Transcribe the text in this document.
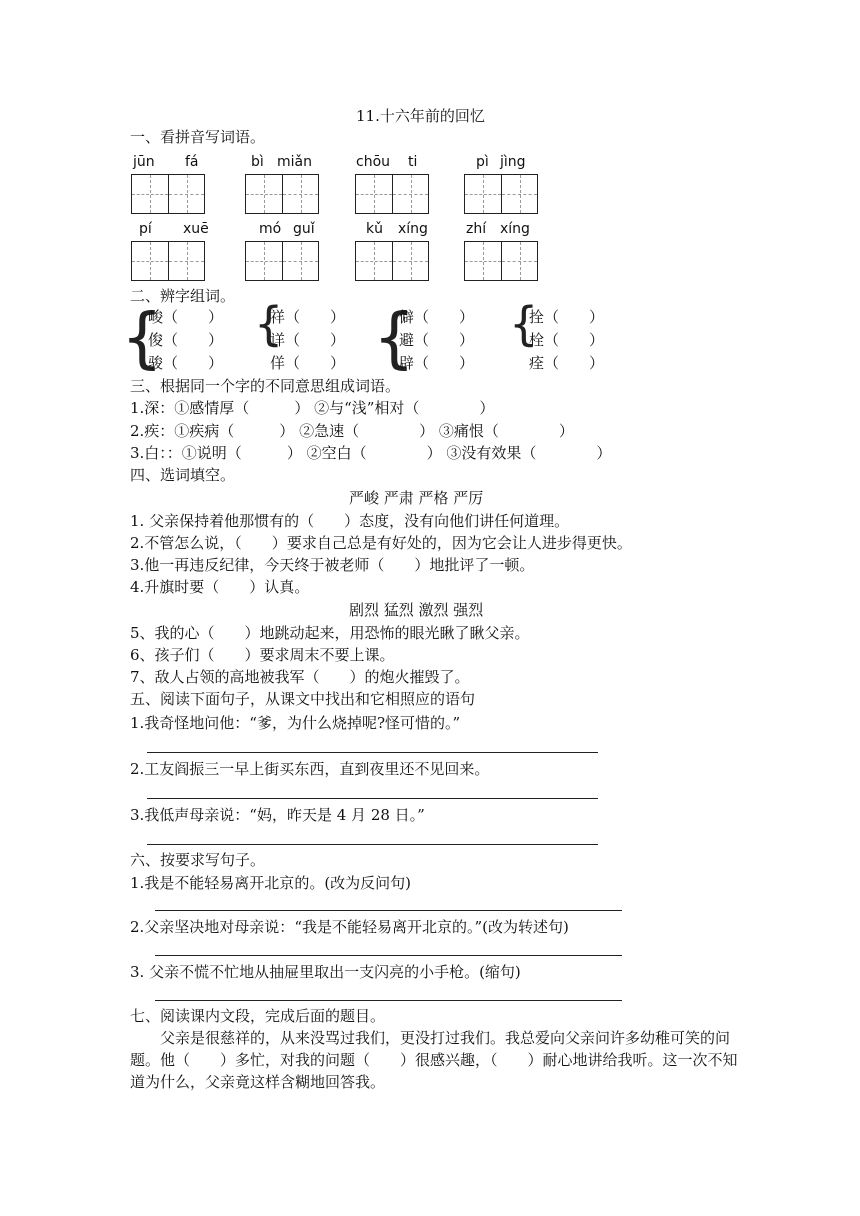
11.十六年前的回忆
一、看拼音写词语。
jūn fá	bì miǎn	chōu ti	pì jìng
pí xuē	mó guǐ	kǔ xíng	zhí xíng
二、辨字组词。
{
峻（　　）
俊（　　）
骏（　　）
{
祥（　　）
详（　　）
佯（　　） {
僻（　　）
避（　　）
辟（　　）
{
拴（　　）
栓（　　）
痊（　　）
三、根据同一个字的不同意思组成词语。
1.深：①感情厚（　　　） ②与“浅”相对（　　　　）
2.疾：①疾病（　　　） ②急速（　　　　） ③痛恨（　　　　）
3.白：：①说明（　　　） ②空白（　　　　） ③没有效果（　　　　）
四、选词填空。
严峻 严肃 严格 严厉
1. 父亲保持着他那惯有的（　　）态度，没有向他们讲任何道理。
2.不管怎么说，（　　）要求自己总是有好处的，因为它会让人进步得更快。
3.他一再违反纪律，今天终于被老师（　　）地批评了一顿。
4.升旗时要（　　）认真。
剧烈 猛烈 激烈 强烈
5、我的心（　　）地跳动起来，用恐怖的眼光瞅了瞅父亲。
6、孩子们（　　）要求周末不要上课。
7、敌人占领的高地被我军（　　）的炮火摧毁了。
五、阅读下面句子，从课文中找出和它相照应的语句
1.我奇怪地问他：“爹，为什么烧掉呢?怪可惜的。”
2.工友阎振三一早上街买东西，直到夜里还不见回来。
3.我低声母亲说：“妈，昨天是 4 月 28 日。”
六、按要求写句子。
1.我是不能轻易离开北京的。(改为反问句)
2.父亲坚决地对母亲说：“我是不能轻易离开北京的。”(改为转述句)
3. 父亲不慌不忙地从抽屉里取出一支闪亮的小手枪。(缩句)
七、阅读课内文段，完成后面的题目。
　　父亲是很慈祥的，从来没骂过我们，更没打过我们。我总爱向父亲问许多幼稚可笑的问题。他（　　）多忙，对我的问题（　　）很感兴趣，（　　）耐心地讲给我听。这一次不知道为什么，父亲竟这样含糊地回答我。
